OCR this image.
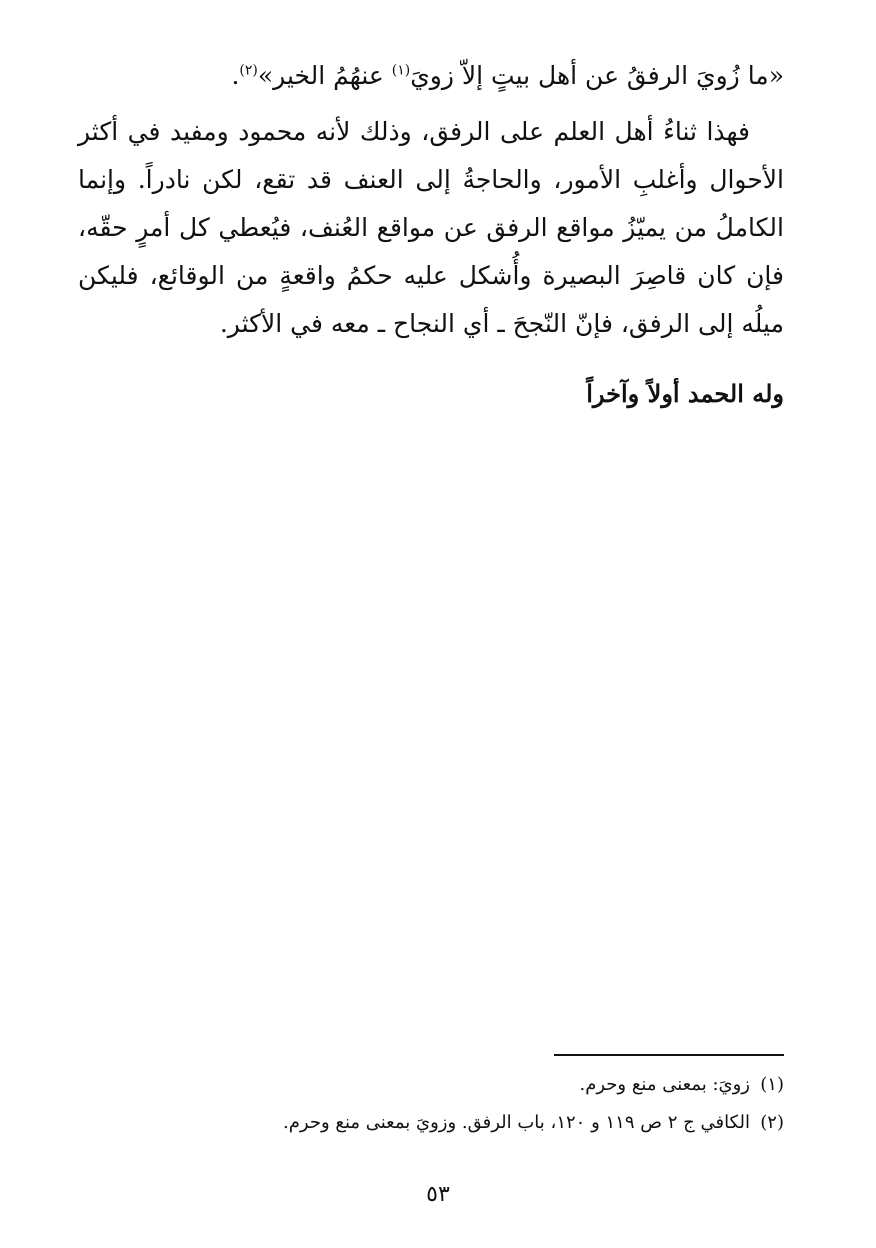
«ما زُويَ الرفقُ عن أهل بيتٍ إلاّ زويَ$^{(١)}$ عنهُمُ الخير»$^{(٢)}$.

فهذا ثناءُ أهل العلم على الرفق، وذلك لأنه محمود ومفيد في أكثر الأحوال وأغلبِ الأمور، والحاجةُ إلى العنف قد تقع، لكن نادراً. وإنما الكاملُ من يميّزُ مواقع الرفق عن مواقع العُنف، فيُعطي كل أمرٍ حقّه، فإن كان قاصِرَ البصيرة وأُشكل عليه حكمُ واقعةٍ من الوقائع، فليكن ميلُه إلى الرفق، فإنّ النّجحَ ـ أي النجاح ـ معه في الأكثر.

وله الحمد أولاً وآخراً

(١)زويَ: بمعنى منع وحرم.

(٢)الكافي ج ٢ ص ١١٩ و ١٢٠، باب الرفق. وزويَ بمعنى منع وحرم.

٥٣
